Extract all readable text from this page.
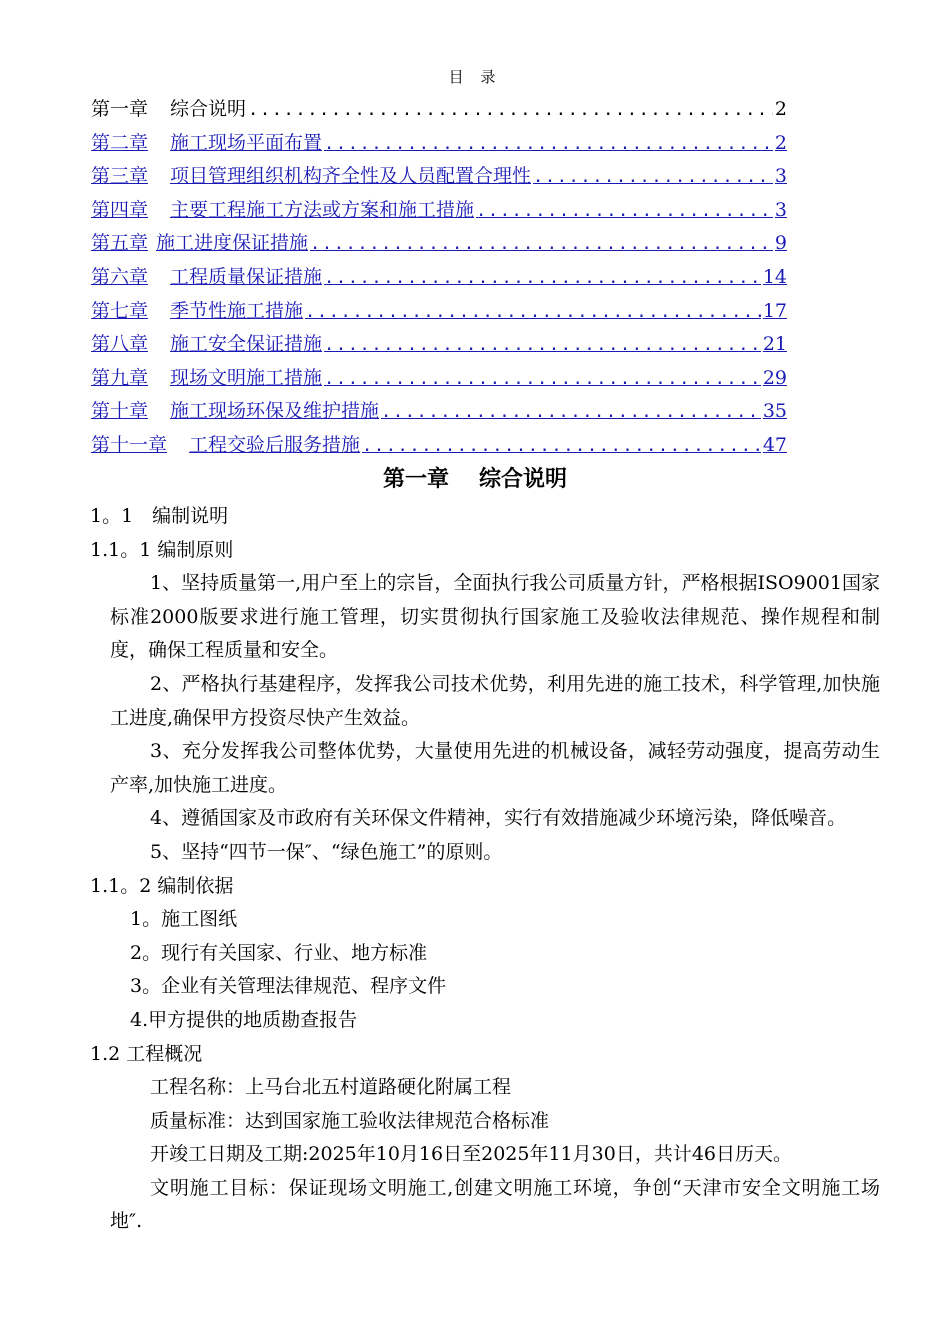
目 录
第一章 综合说明 .....	2
第二章 施工现场平面布置 .....	2
第三章 项目管理组织机构齐全性及人员配置合理性 .....	3
第四章 主要工程施工方法或方案和施工措施 .....	3
第五章 施工进度保证措施 .....	9
第六章 工程质量保证措施 .....	14
第七章 季节性施工措施 .....	17
第八章 施工安全保证措施 .....	21
第九章 现场文明施工措施 .....	29
第十章 施工现场环保及维护措施 .....	35
第十一章 工程交验后服务措施 .....	47
第一章 综合说明

1。1　编制说明

1.1。1 编制原则

1、坚持质量第一,用户至上的宗旨，全面执行我公司质量方针，严格根据ISO9001国家标准2000版要求进行施工管理，切实贯彻执行国家施工及验收法律规范、操作规程和制度，确保工程质量和安全。

2、严格执行基建程序，发挥我公司技术优势，利用先进的施工技术，科学管理,加快施工进度,确保甲方投资尽快产生效益。

3、充分发挥我公司整体优势，大量使用先进的机械设备，减轻劳动强度，提高劳动生产率,加快施工进度。

4、遵循国家及市政府有关环保文件精神，实行有效措施减少环境污染，降低噪音。

5、坚持“四节一保″、“绿色施工”的原则。

1.1。2 编制依据

1。施工图纸

2。现行有关国家、行业、地方标准

3。企业有关管理法律规范、程序文件

4.甲方提供的地质勘查报告

1.2 工程概况

工程名称：上马台北五村道路硬化附属工程

质量标准：达到国家施工验收法律规范合格标准

开竣工日期及工期:2025年10月16日至2025年11月30日，共计46日历天。

文明施工目标：保证现场文明施工,创建文明施工环境，争创“天津市安全文明施工场地″.
